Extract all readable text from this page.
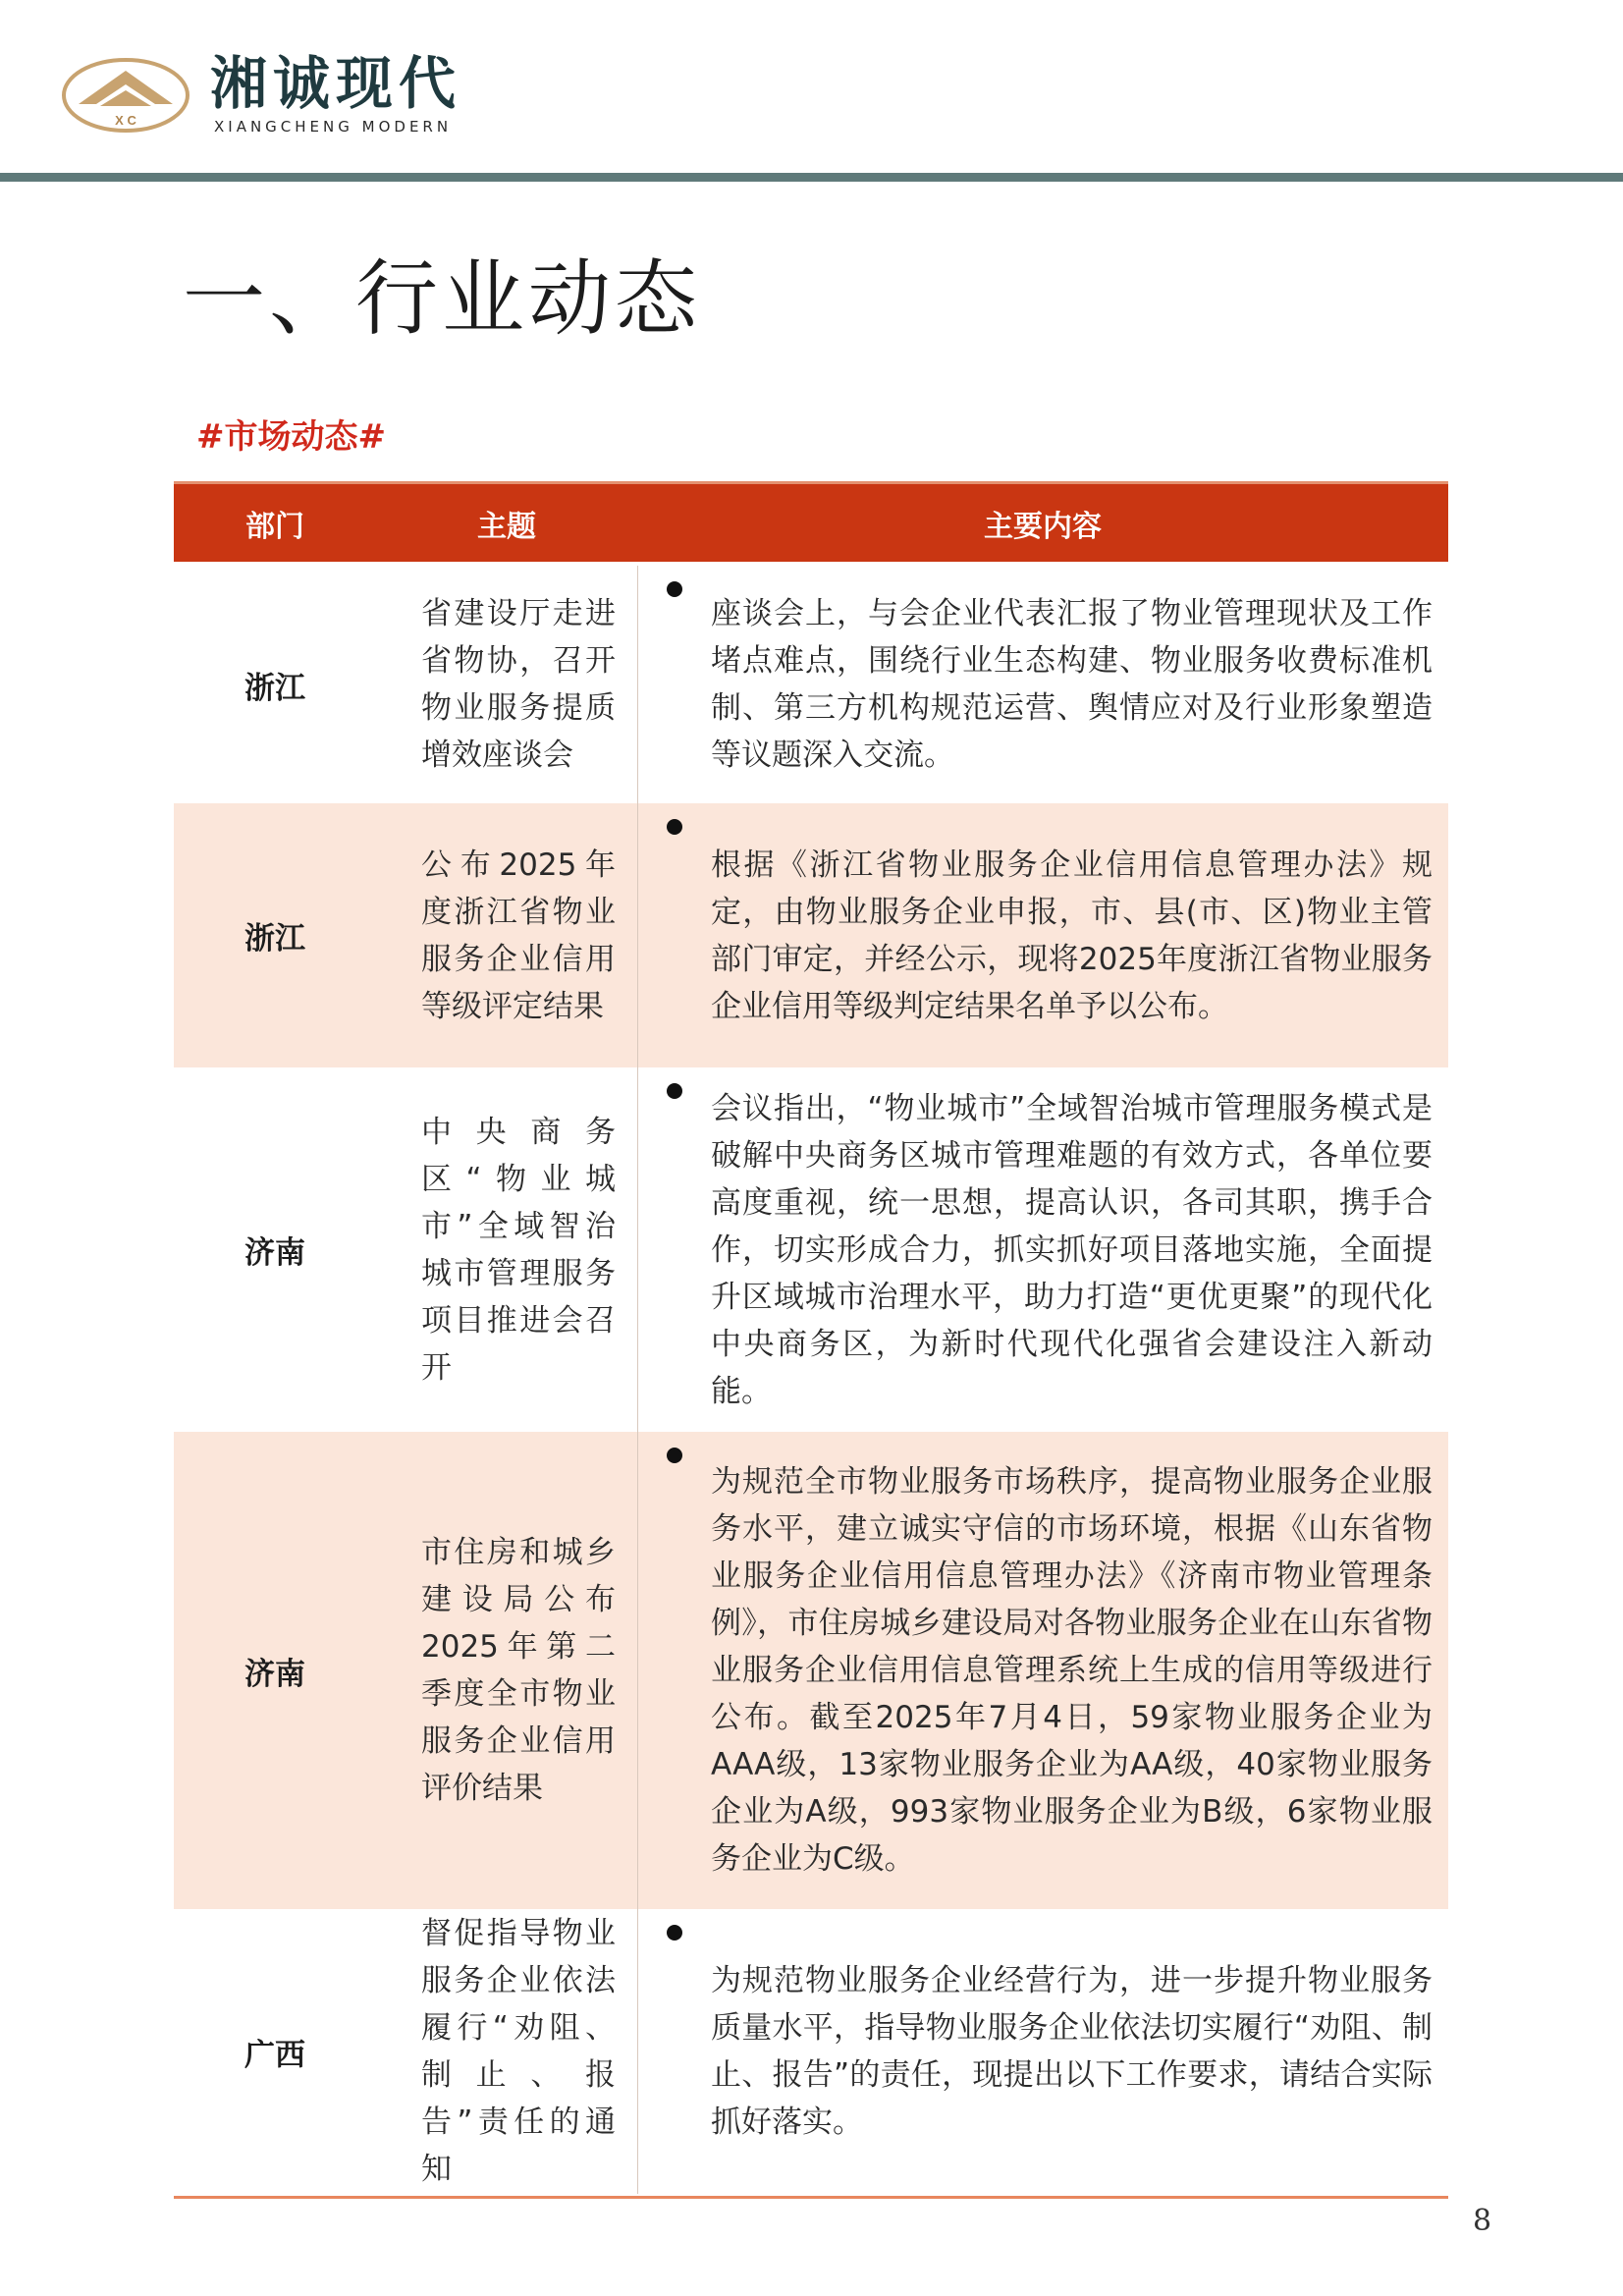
X C
湘诚现代
XIANGCHENG MODERN
一、行业动态
#市场动态#
部门	主题	主要内容
浙江
省建设厅走进省物协，召开物业服务提质增效座谈会
座谈会上，与会企业代表汇报了物业管理现状及工作堵点难点，围绕行业生态构建、物业服务收费标准机制、第三方机构规范运营、舆情应对及行业形象塑造等议题深入交流。
浙江
公布2025年度浙江省物业服务企业信用等级评定结果
根据《浙江省物业服务企业信用信息管理办法》规定，由物业服务企业申报，市、县(市、区)物业主管部门审定，并经公示，现将2025年度浙江省物业服务企业信用等级判定结果名单予以公布。
济南
中央商务区“物业城市”全域智治城市管理服务项目推进会召开
会议指出，“物业城市”全域智治城市管理服务模式是破解中央商务区城市管理难题的有效方式，各单位要高度重视，统一思想，提高认识，各司其职，携手合作，切实形成合力，抓实抓好项目落地实施，全面提升区域城市治理水平，助力打造“更优更聚”的现代化中央商务区，为新时代现代化强省会建设注入新动能。
济南
市住房和城乡建设局公布2025年第二季度全市物业服务企业信用评价结果
为规范全市物业服务市场秩序，提高物业服务企业服务水平，建立诚实守信的市场环境，根据《山东省物业服务企业信用信息管理办法》《济南市物业管理条例》，市住房城乡建设局对各物业服务企业在山东省物业服务企业信用信息管理系统上生成的信用等级进行公布。截至2025年7月4日，59家物业服务企业为AAA级，13家物业服务企业为AA级，40家物业服务企业为A级，993家物业服务企业为B级，6家物业服务企业为C级。
广西
督促指导物业服务企业依法履行“劝阻、制止、报告”责任的通知
为规范物业服务企业经营行为，进一步提升物业服务质量水平，指导物业服务企业依法切实履行“劝阻、制止、报告”的责任，现提出以下工作要求，请结合实际抓好落实。
8
